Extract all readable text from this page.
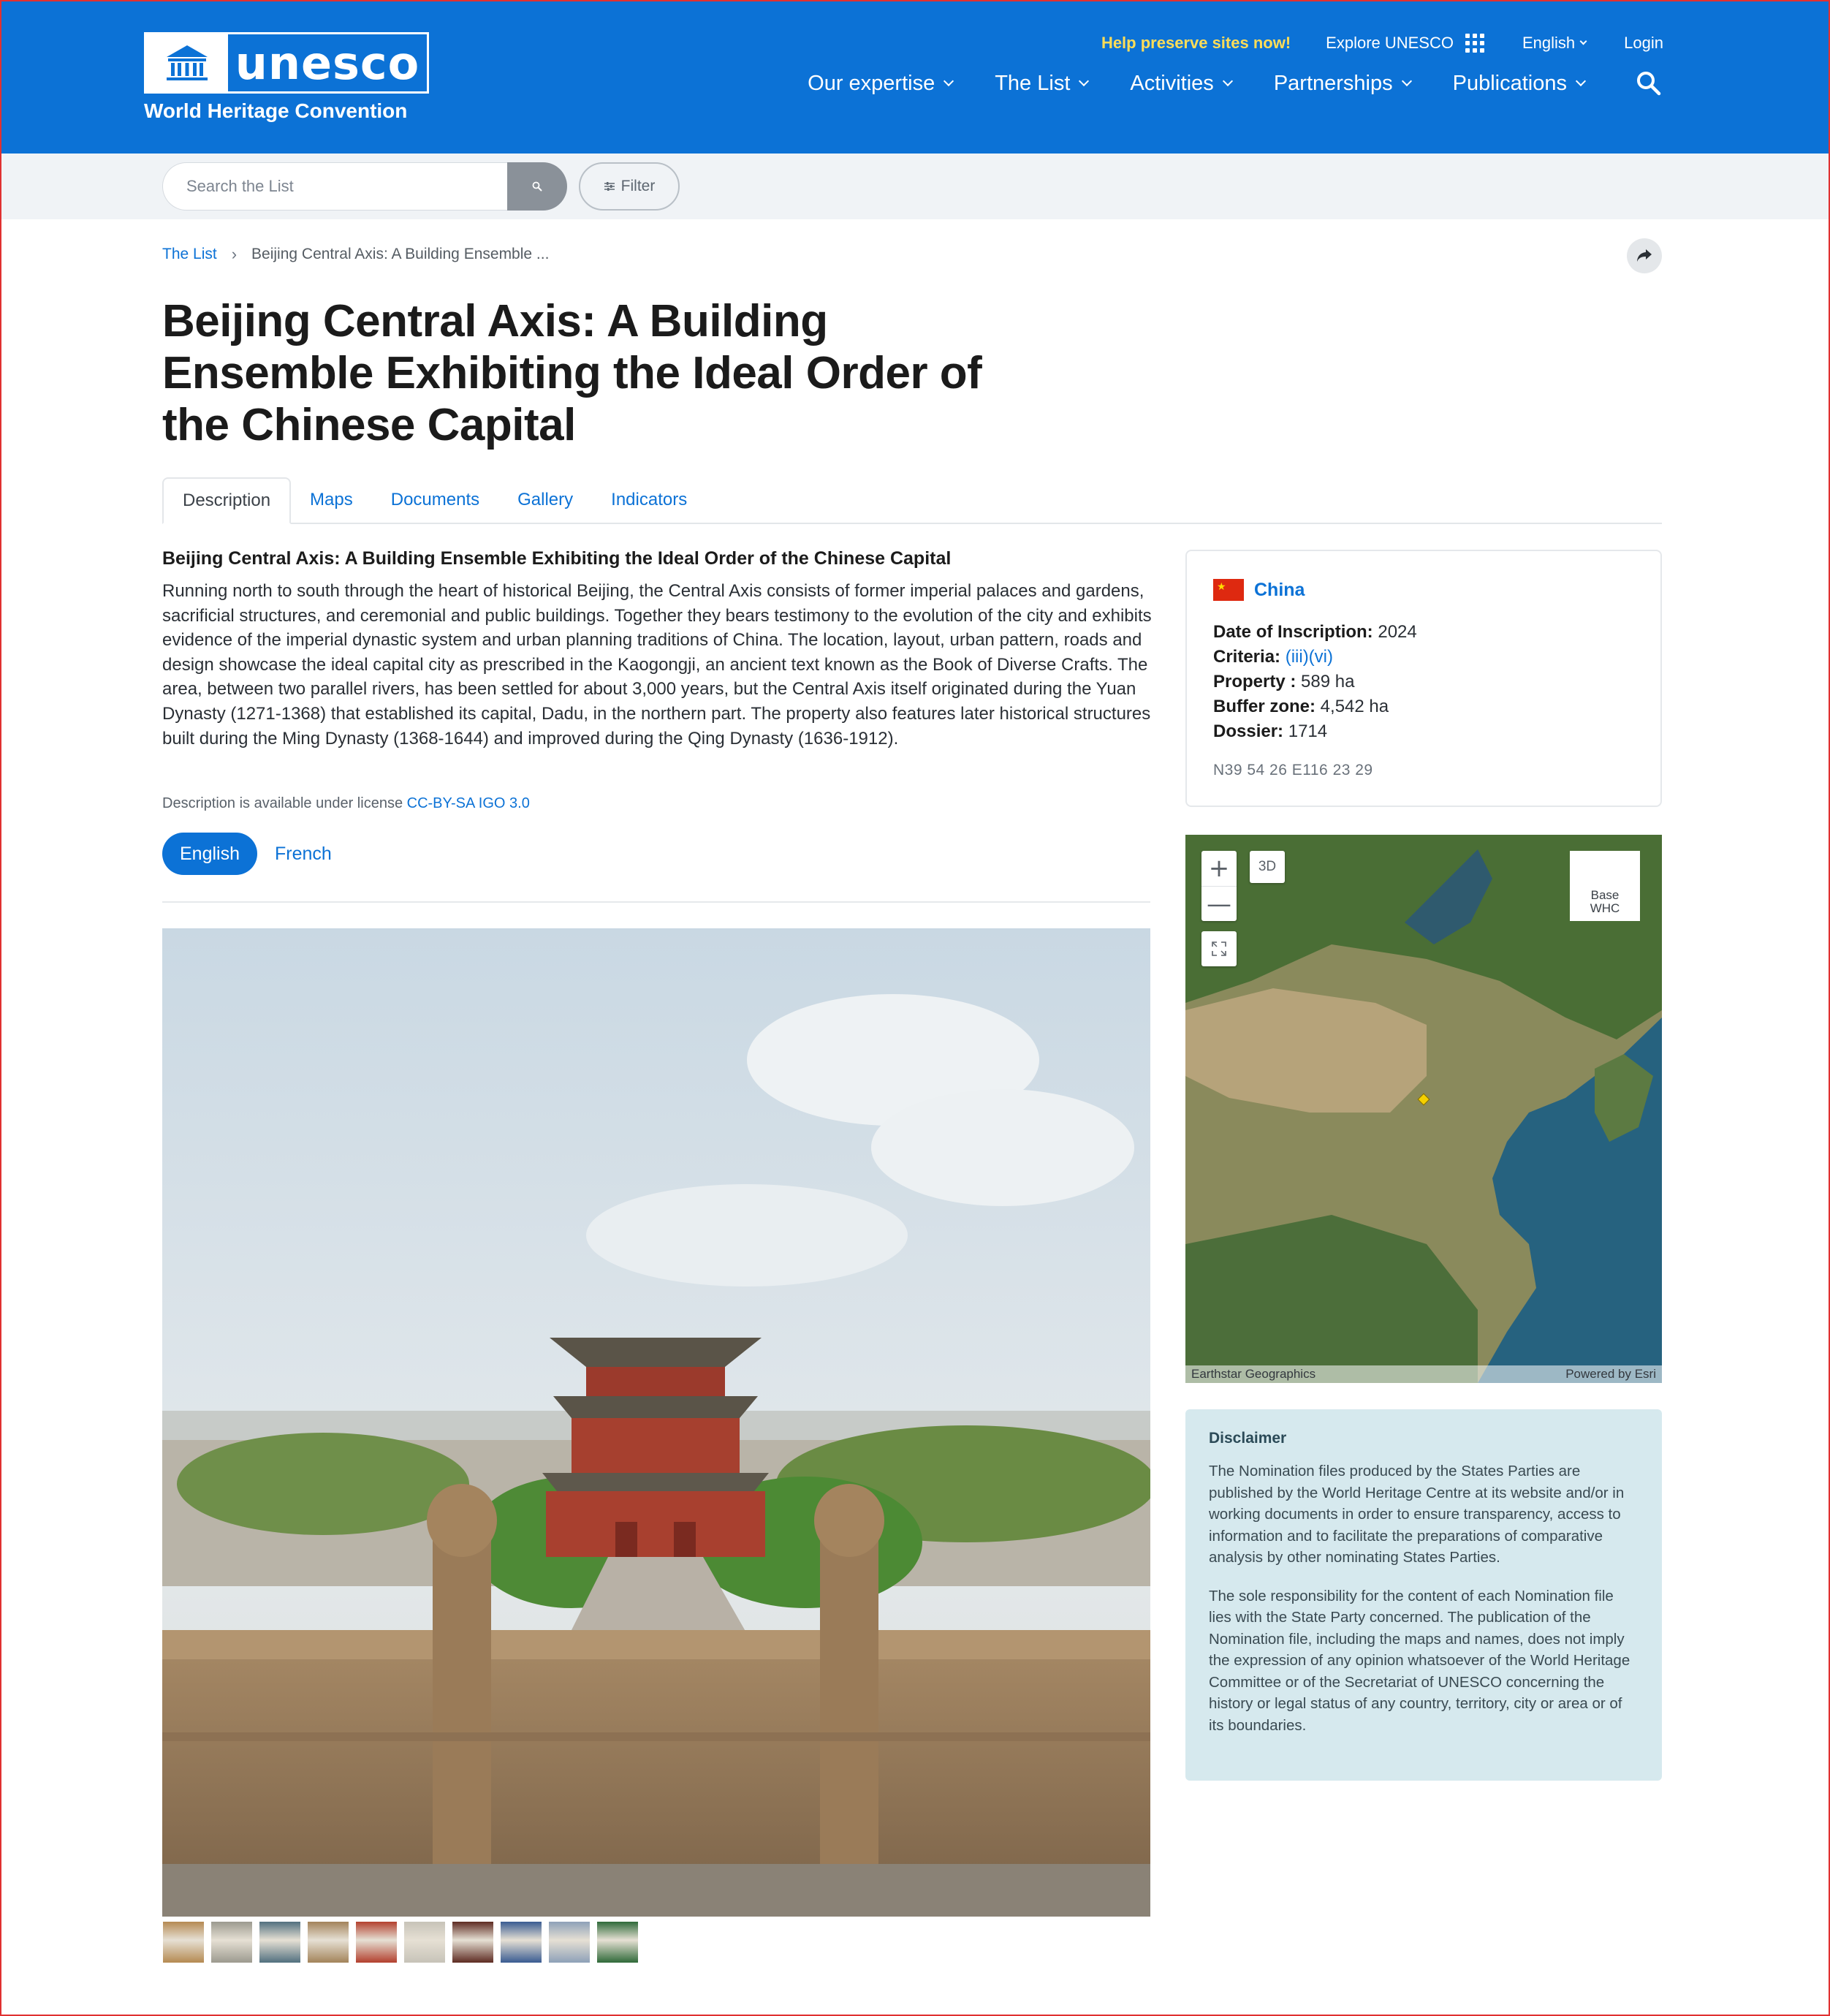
unesco
World Heritage Convention
Help preserve sites now! Explore UNESCO	English	Login
Our expertise	The List	Activities	Partnerships	Publications
Search the List
Filter
The List › Beijing Central Axis: A Building Ensemble ...
Beijing Central Axis: A Building Ensemble Exhibiting the Ideal Order of the Chinese Capital
Description	Maps	Documents	Gallery	Indicators
Beijing Central Axis: A Building Ensemble Exhibiting the Ideal Order of the Chinese Capital

Running north to south through the heart of historical Beijing, the Central Axis consists of former imperial palaces and gardens, sacrificial structures, and ceremonial and public buildings. Together they bears testimony to the evolution of the city and exhibits evidence of the imperial dynastic system and urban planning traditions of China. The location, layout, urban pattern, roads and design showcase the ideal capital city as prescribed in the Kaogongji, an ancient text known as the Book of Diverse Crafts. The area, between two parallel rivers, has been settled for about 3,000 years, but the Central Axis itself originated during the Yuan Dynasty (1271-1368) that established its capital, Dadu, in the northern part. The property also features later historical structures built during the Ming Dynasty (1368-1644) and improved during the Qing Dynasty (1636-1912).

Description is available under license CC-BY-SA IGO 3.0
English	French
★ China
Date of Inscription: 2024
Criteria: (iii)(vi)
Property : 589 ha
Buffer zone: 4,542 ha
Dossier: 1714
N39 54 26 E116 23 29
+
—
3D
Base
WHC
Earthstar Geographics	Powered by Esri
Disclaimer

The Nomination files produced by the States Parties are published by the World Heritage Centre at its website and/or in working documents in order to ensure transparency, access to information and to facilitate the preparations of comparative analysis by other nominating States Parties.

The sole responsibility for the content of each Nomination file lies with the State Party concerned. The publication of the Nomination file, including the maps and names, does not imply the expression of any opinion whatsoever of the World Heritage Committee or of the Secretariat of UNESCO concerning the history or legal status of any country, territory, city or area or of its boundaries.
